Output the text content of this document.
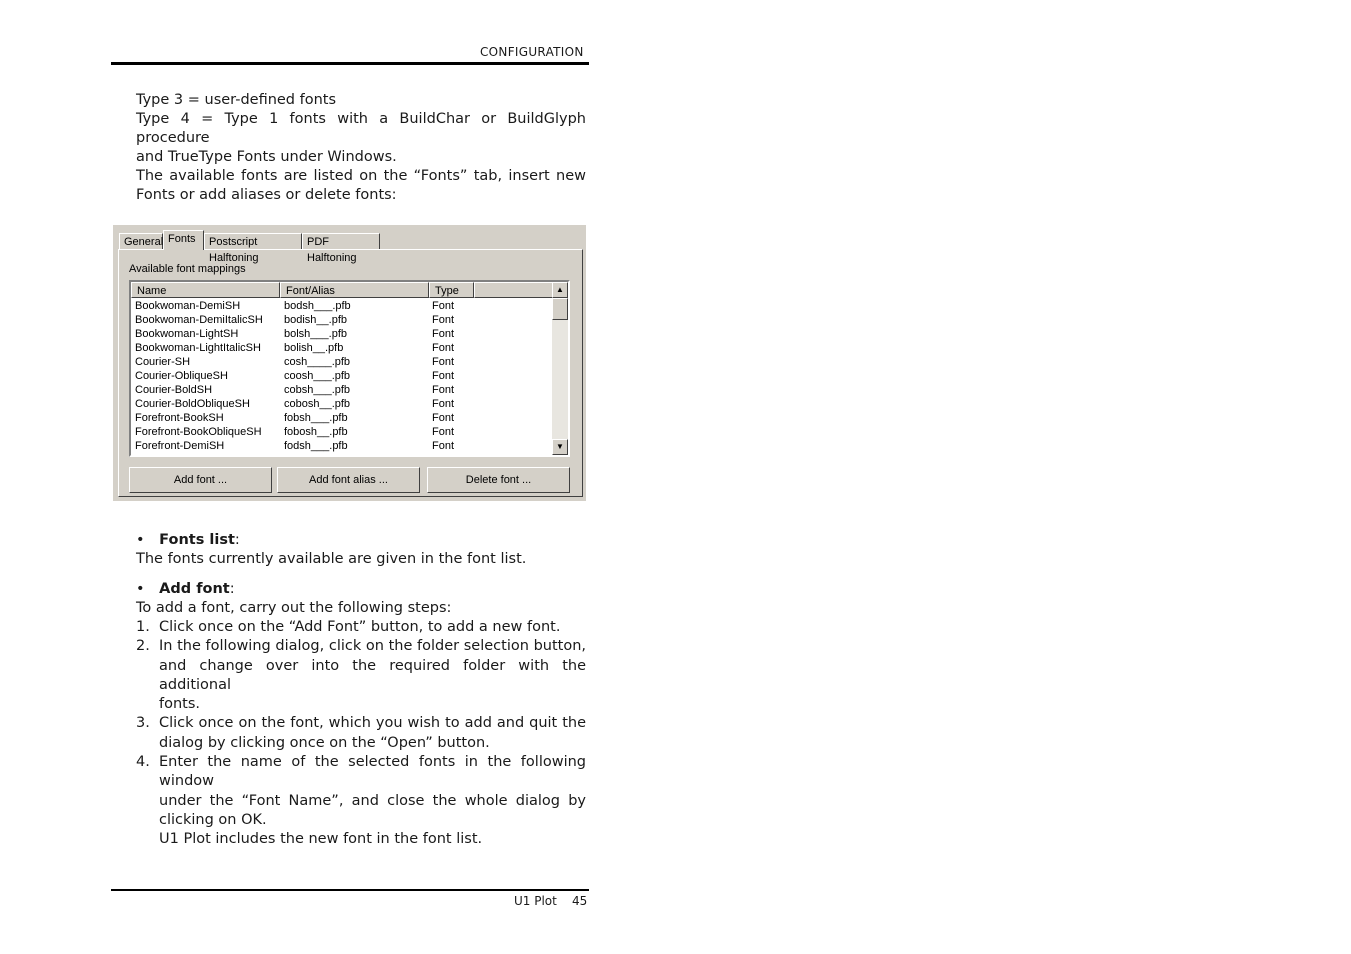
CONFIGURATION
Type 3 = user-defined fonts
Type 4 = Type 1 fonts with a BuildChar or BuildGlyph
procedure
and TrueType Fonts under Windows.
The available fonts are listed on the “Fonts” tab, insert new
Fonts or add aliases or delete fonts:
General Fonts	Postscript Halftoning
PDF Halftoning
Available font mappings
Name	Font/Alias	Type
Bookwoman-DemiSH	bodsh___.pfb	Font
Bookwoman-DemiItalicSH bodish__.pfb	Font
Bookwoman-LightSH	bolsh___.pfb	Font
Bookwoman-LightItalicSH bolish__.pfb	Font
Courier-SH	cosh____.pfb	Font
Courier-ObliqueSH	coosh___.pfb	Font
Courier-BoldSH	cobsh___.pfb	Font
Courier-BoldObliqueSH	cobosh__.pfb	Font
Forefront-BookSH	fobsh___.pfb	Font
Forefront-BookObliqueSH fobosh__.pfb	Font
Forefront-DemiSH	fodsh___.pfb	Font
▲
▼
Add font ...	Add font alias ...	Delete font ...
• Fonts list:
The fonts currently available are given in the font list.
• Add font:
To add a font, carry out the following steps:
1. Click once on the “Add Font” button, to add a new font.
2. In the following dialog, click on the folder selection button,
and change over into the required folder with the additional
fonts.
3. Click once on the font, which you wish to add and quit the
dialog by clicking once on the “Open” button.
4. Enter the name of the selected fonts in the following window
under the “Font Name”, and close the whole dialog by
clicking on OK.
U1 Plot includes the new font in the font list.
U1 Plot 45
